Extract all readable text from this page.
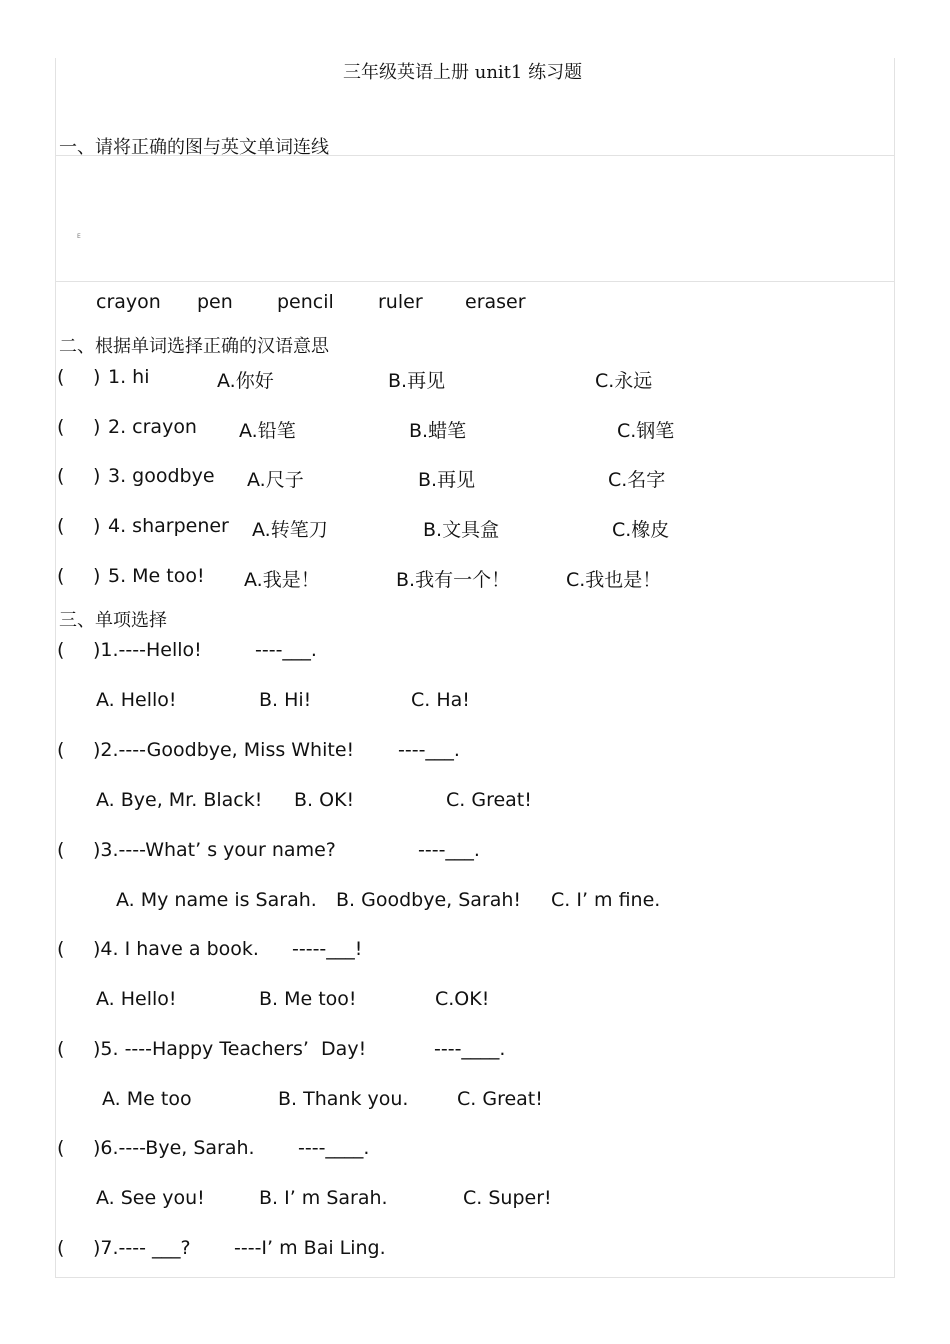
三年级英语上册 unit1 练习题
一、请将正确的图与英文单词连线
E
crayon pen pencil ruler eraser
二、根据单词选择正确的汉语意思
( ) 1. hi	A.你好	B.再见	C.永远
( ) 2. crayon A.铅笔	B.蜡笔	C.钢笔
( ) 3. goodbye A.尺子	B.再见	C.名字
( ) 4. sharpener A.转笔刀	B.文具盒	C.橡皮
( ) 5. Me too! A.我是！	B.我有一个！	C.我也是！
三、单项选择
( )1.----Hello!	----___.
A. Hello!	B. Hi!	C. Ha!
( )2.----Goodbye, Miss White! ----___.
A. Bye, Mr. Black! B. OK!	C. Great!
( )3.----What’ s your name?	----___.
A. My name is Sarah. B. Goodbye, Sarah! C. I’ m fine.
( )4. I have a book. -----___!
A. Hello!	B. Me too!	C.OK!
( )5. ----Happy Teachers’  Day!	----____.
A. Me too	B. Thank you.	C. Great!
( )6.----Bye, Sarah. ----____.
A. See you!	B. I’ m Sarah.	C. Super!
( )7.---- ___? ----I’ m Bai Ling.
